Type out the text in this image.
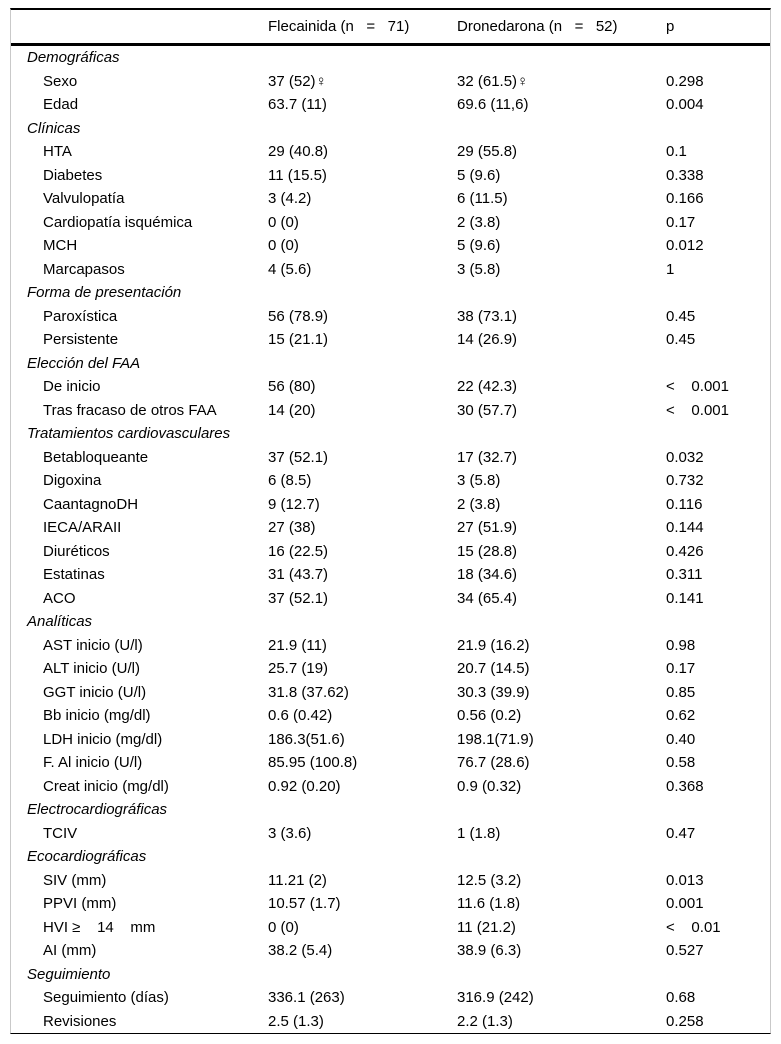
	Flecainida (n   =   71)	Dronedarona (n   =   52)	p
Demográficas			
Sexo	37 (52)♀	32 (61.5)♀	0.298
Edad	63.7 (11)	69.6 (11,6)	0.004
Clínicas			
HTA	29 (40.8)	29 (55.8)	0.1
Diabetes	11 (15.5)	5 (9.6)	0.338
Valvulopatía	3 (4.2)	6 (11.5)	0.166
Cardiopatía isquémica	0 (0)	2 (3.8)	0.17
MCH	0 (0)	5 (9.6)	0.012
Marcapasos	4 (5.6)	3 (5.8)	1
Forma de presentación			
Paroxística	56 (78.9)	38 (73.1)	0.45
Persistente	15 (21.1)	14 (26.9)	0.45
Elección del FAA			
De inicio	56 (80)	22 (42.3)	<    0.001
Tras fracaso de otros FAA	14 (20)	30 (57.7)	<    0.001
Tratamientos cardiovasculares			
Betabloqueante	37 (52.1)	17 (32.7)	0.032
Digoxina	6 (8.5)	3 (5.8)	0.732
CaantagnoDH	9 (12.7)	2 (3.8)	0.116
IECA/ARAII	27 (38)	27 (51.9)	0.144
Diuréticos	16 (22.5)	15 (28.8)	0.426
Estatinas	31 (43.7)	18 (34.6)	0.311
ACO	37 (52.1)	34 (65.4)	0.141
Analíticas			
AST inicio (U/l)	21.9 (11)	21.9 (16.2)	0.98
ALT inicio (U/l)	25.7 (19)	20.7 (14.5)	0.17
GGT inicio (U/l)	31.8 (37.62)	30.3 (39.9)	0.85
Bb inicio (mg/dl)	0.6 (0.42)	0.56 (0.2)	0.62
LDH inicio (mg/dl)	186.3(51.6)	198.1(71.9)	0.40
F. Al inicio (U/l)	85.95 (100.8)	76.7 (28.6)	0.58
Creat inicio (mg/dl)	0.92 (0.20)	0.9 (0.32)	0.368
Electrocardiográficas			
TCIV	3 (3.6)	1 (1.8)	0.47
Ecocardiográficas			
SIV (mm)	11.21 (2)	12.5 (3.2)	0.013
PPVI (mm)	10.57 (1.7)	11.6 (1.8)	0.001
HVI ≥    14    mm	0 (0)	11 (21.2)	<    0.01
AI (mm)	38.2 (5.4)	38.9 (6.3)	0.527
Seguimiento			
Seguimiento (días)	336.1 (263)	316.9 (242)	0.68
Revisiones	2.5 (1.3)	2.2 (1.3)	0.258
